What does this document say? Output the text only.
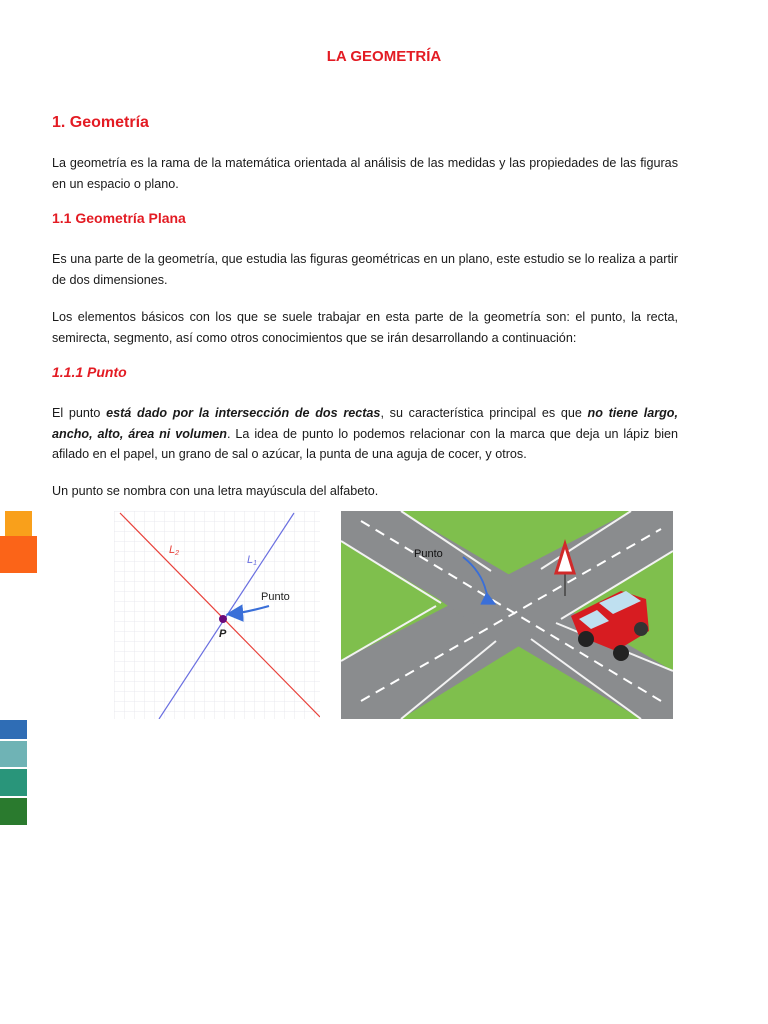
LA GEOMETRÍA
1. Geometría

La geometría es la rama de la matemática orientada al análisis de las medidas y las propiedades de las figuras en un espacio o plano.

1.1 Geometría Plana

Es una parte de la geometría, que estudia las figuras geométricas en un plano, este estudio se lo realiza a partir de dos dimensiones.

Los elementos básicos con los que se suele trabajar en esta parte de la geometría son: el punto, la recta, semirecta, segmento, así como otros conocimientos que se irán desarrollando a continuación:

1.1.1 Punto

El punto está dado por la intersección de dos rectas, su característica principal es que no tiene largo, ancho, alto, área ni volumen. La idea de punto lo podemos relacionar con la marca que deja un lápiz bien afilado en el papel, un grano de sal o azúcar, la punta de una aguja de cocer, y otros.

Un punto se nombra con una letra mayúscula del alfabeto.

L2
L1
Punto
P
Punto
